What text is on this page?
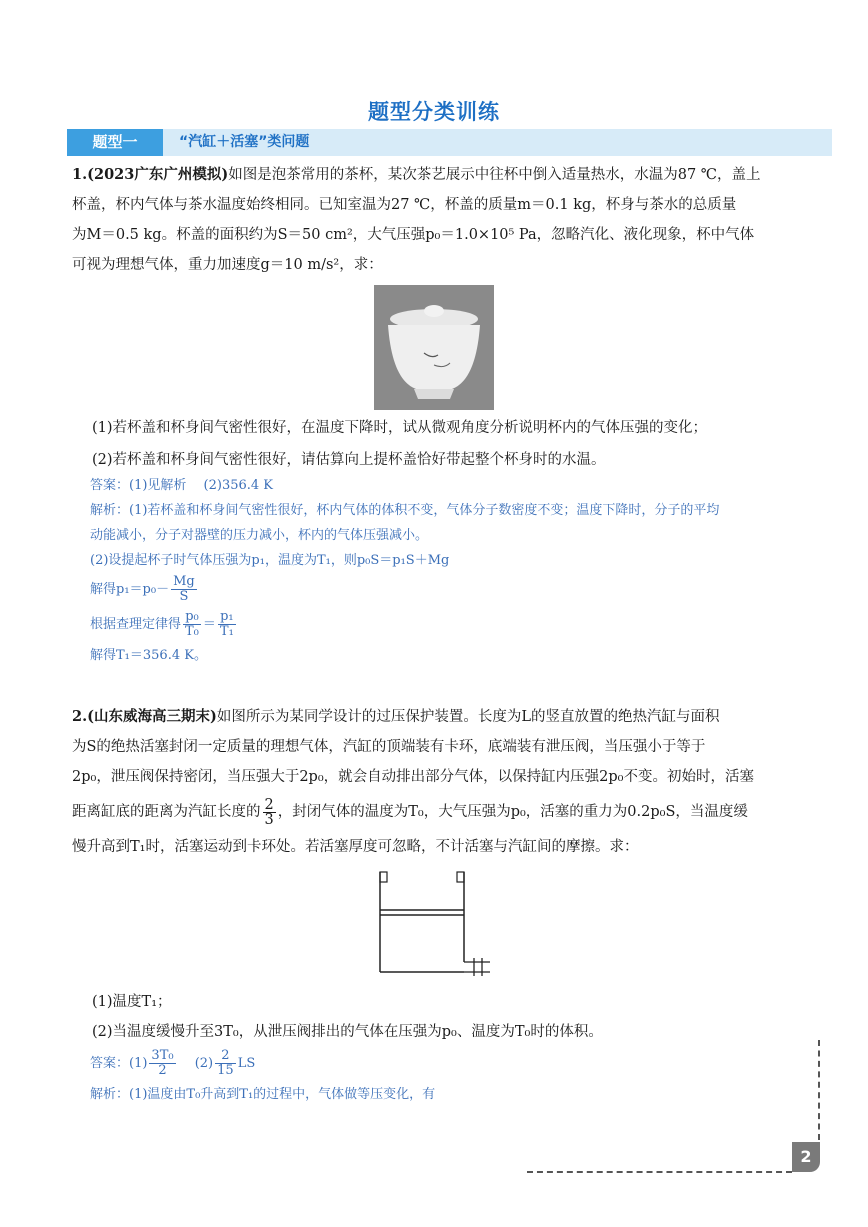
题型分类训练
题型一	“汽缸＋活塞”类问题
1.(2023广东广州模拟)如图是泡茶常用的茶杯，某次茶艺展示中往杯中倒入适量热水，水温为87 ℃，盖上
杯盖，杯内气体与茶水温度始终相同。已知室温为27 ℃，杯盖的质量m＝0.1 kg，杯身与茶水的总质量
为M＝0.5 kg。杯盖的面积约为S＝50 cm²，大气压强p₀＝1.0×10⁵ Pa，忽略汽化、液化现象，杯中气体
可视为理想气体，重力加速度g＝10 m/s²，求：
(1)若杯盖和杯身间气密性很好，在温度下降时，试从微观角度分析说明杯内的气体压强的变化；
(2)若杯盖和杯身间气密性很好，请估算向上提杯盖恰好带起整个杯身时的水温。
答案：(1)见解析　 (2)356.4 K
解析：(1)若杯盖和杯身间气密性很好，杯内气体的体积不变，气体分子数密度不变；温度下降时，分子的平均
动能减小，分子对器壁的压力减小，杯内的气体压强减小。
(2)设提起杯子时气体压强为p₁，温度为T₁，则p₀S＝p₁S＋Mg
解得$p_1=p_0- \frac{Mg}{S}$
根据查理定律得 $\frac{\text{p₀}}{\text{T₀}} = \frac{\text{p₁}}{\text{T₁}}$
解得T₁＝356.4 K。
2.(山东威海高三期末)如图所示为某同学设计的过压保护装置。长度为L的竖直放置的绝热汽缸与面积
为S的绝热活塞封闭一定质量的理想气体，汽缸的顶端装有卡环，底端装有泄压阀，当压强小于等于
2p₀，泄压阀保持密闭，当压强大于2p₀，就会自动排出部分气体，以保持缸内压强2p₀不变。初始时，活塞
距离缸底的距离为汽缸长度的 $\frac{2}{3}$ ，封闭气体的温度为T₀，大气压强为p₀，活塞的重力为0.2p₀S，当温度缓
慢升高到T₁时，活塞运动到卡环处。若活塞厚度可忽略，不计活塞与汽缸间的摩擦。求：
(1)温度T₁；
(2)当温度缓慢升至3T₀，从泄压阀排出的气体在压强为p₀、温度为T₀时的体积。
答案：$(1) \frac{\text{3T₀}}{2}$ 　 $(2) \frac{2}{15}$ LS
解析：(1)温度由T₀升高到T₁的过程中，气体做等压变化，有
2
